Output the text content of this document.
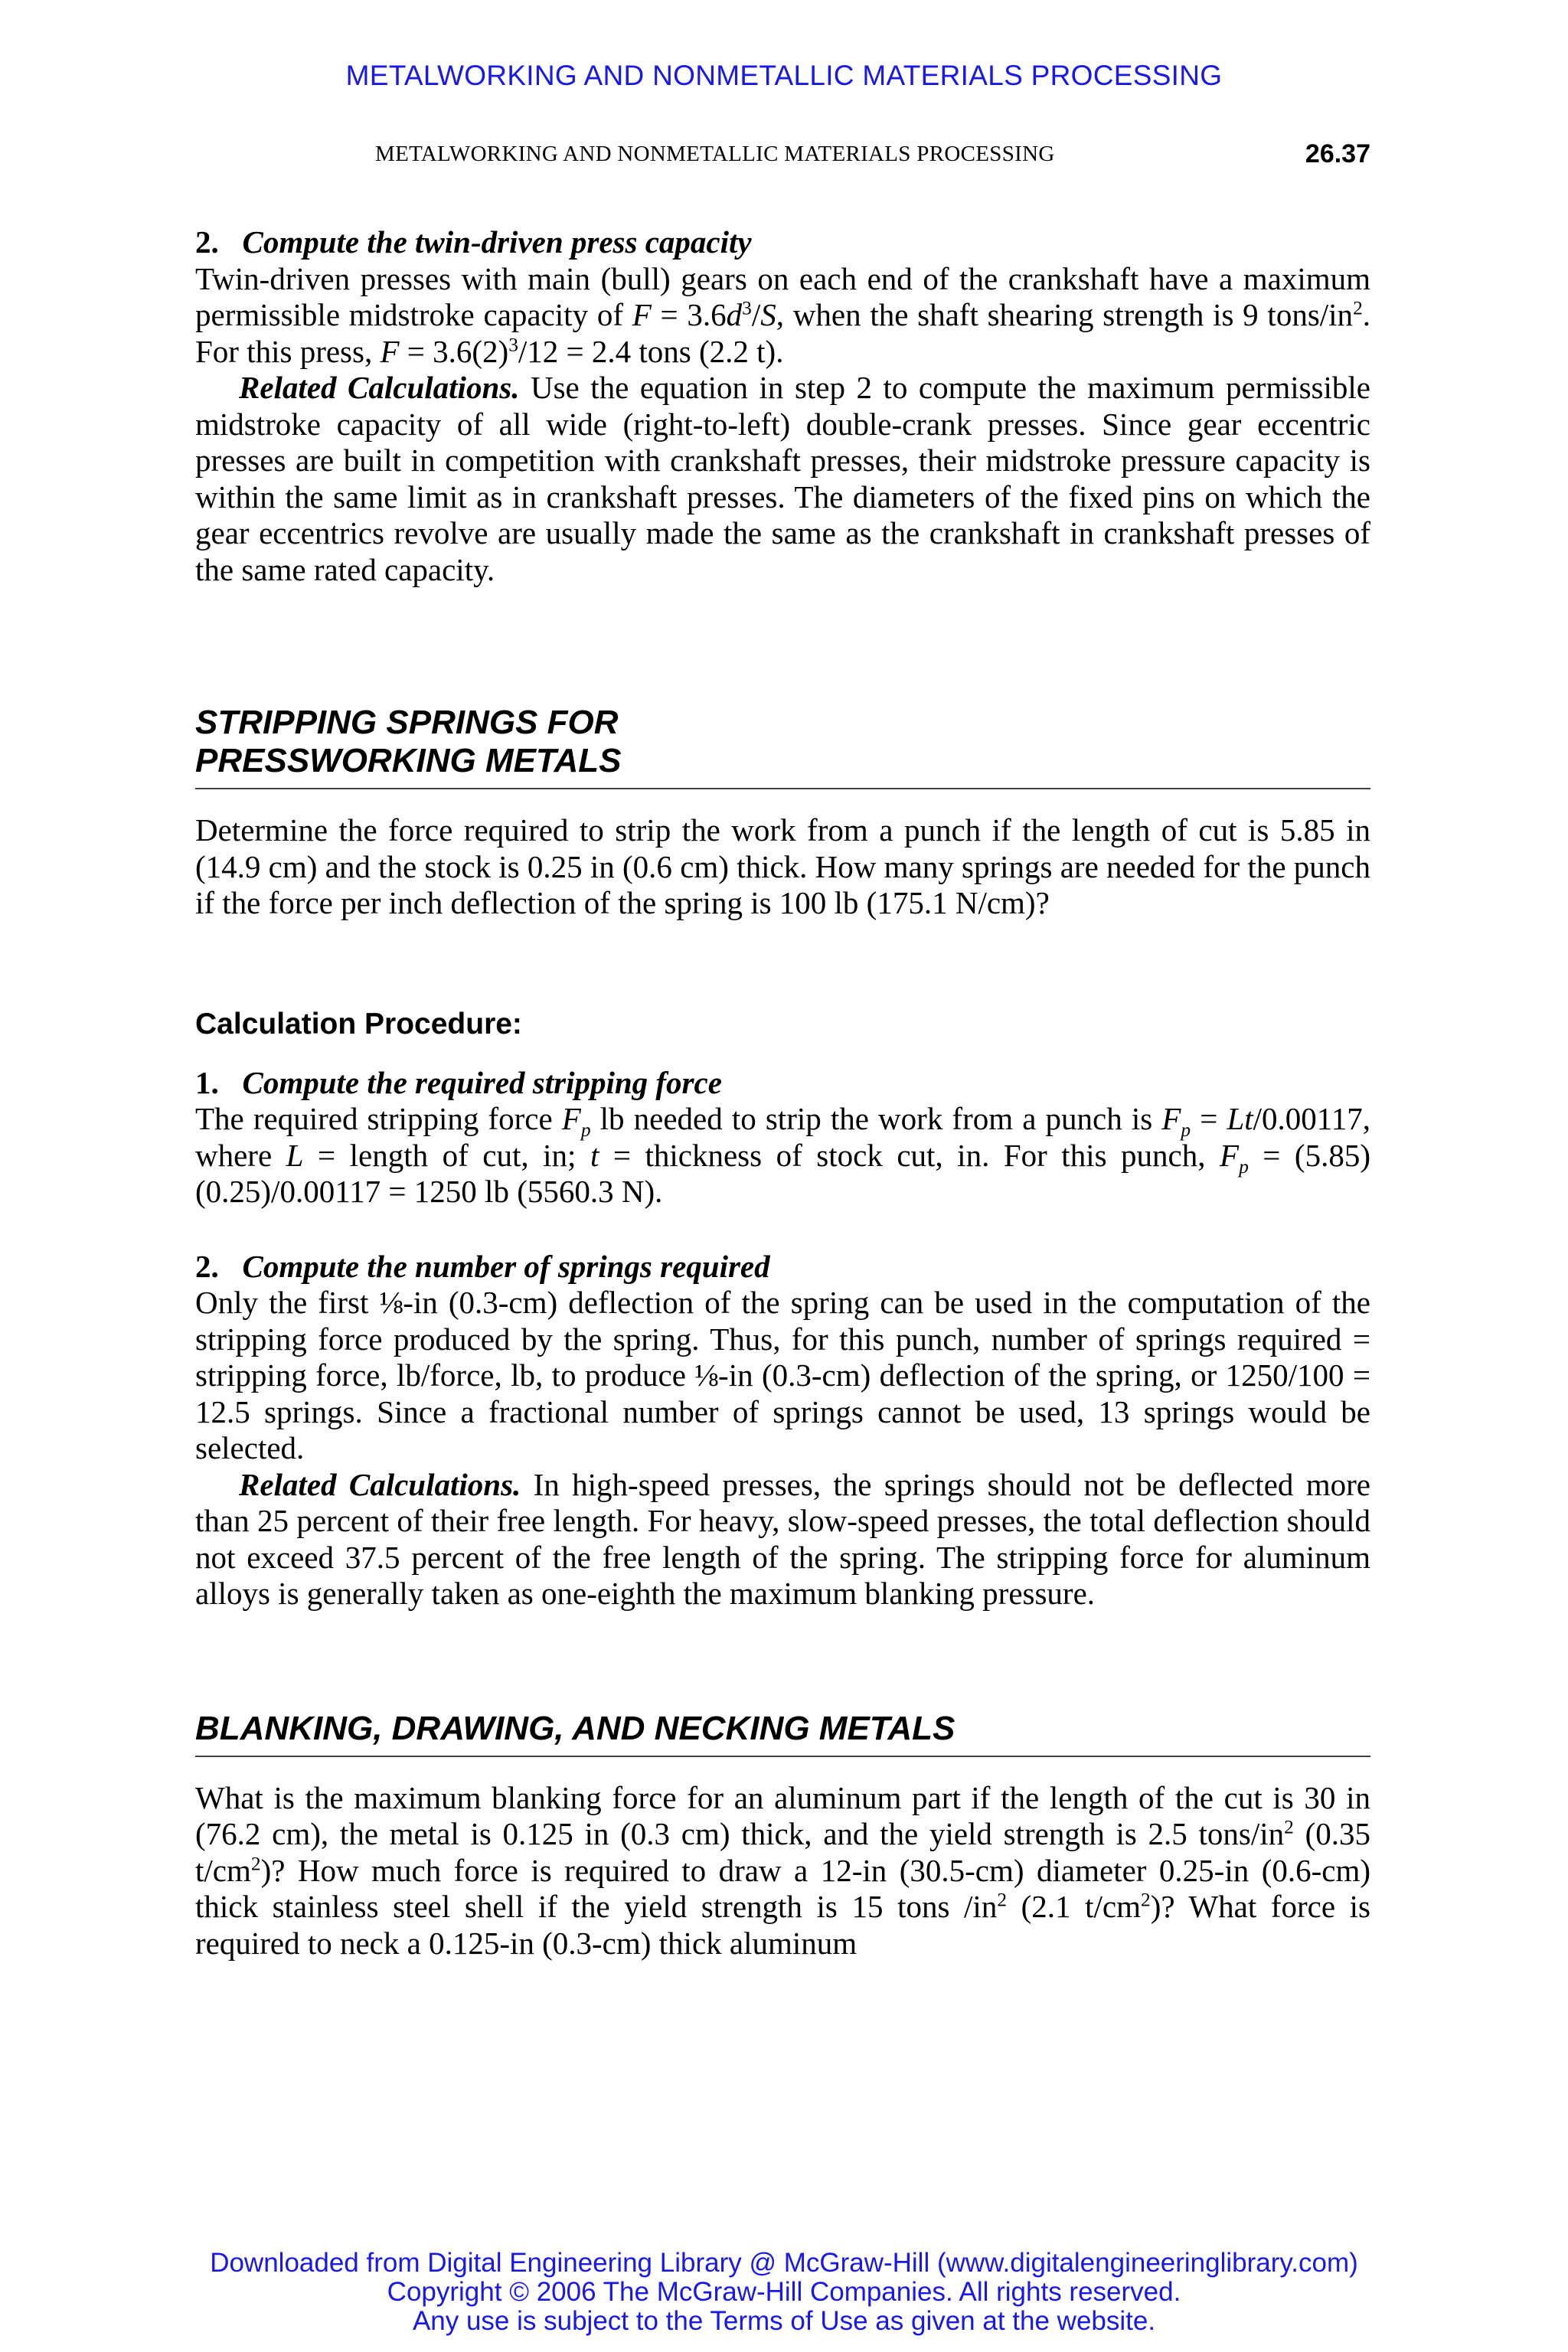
METALWORKING AND NONMETALLIC MATERIALS PROCESSING
METALWORKING AND NONMETALLIC MATERIALS PROCESSING	26.37
2. Compute the twin-driven press capacity

Twin-driven presses with main (bull) gears on each end of the crankshaft have a maximum permissible midstroke capacity of $F = 3.6d^3/S$, when the shaft shearing strength is 9 tons/$in^2$. For this press, $F = 3.6(2)^3/12 = 2.4$ tons (2.2 t).

Related Calculations. Use the equation in step 2 to compute the maximum permissible midstroke capacity of all wide (right-to-left) double-crank presses. Since gear eccentric presses are built in competition with crankshaft presses, their midstroke pressure capacity is within the same limit as in crankshaft presses. The diameters of the fixed pins on which the gear eccentrics revolve are usually made the same as the crankshaft in crankshaft presses of the same rated capacity.

STRIPPING SPRINGS FOR
PRESSWORKING METALS

Determine the force required to strip the work from a punch if the length of cut is 5.85 in (14.9 cm) and the stock is 0.25 in (0.6 cm) thick. How many springs are needed for the punch if the force per inch deflection of the spring is 100 lb (175.1 N/cm)?

Calculation Procedure:
1. Compute the required stripping force

The required stripping force $F_p$ lb needed to strip the work from a punch is $F_p = Lt/0.00117$, where L = length of cut, in; t = thickness of stock cut, in. For this punch, $F_p = (5.85)(0.25)/0.00117 = 1250$ lb (5560.3 N).

2. Compute the number of springs required

Only the first ⅛-in (0.3-cm) deflection of the spring can be used in the computation of the stripping force produced by the spring. Thus, for this punch, number of springs required = stripping force, lb/force, lb, to produce ⅛-in (0.3-cm) deflection of the spring, or 1250/100 = 12.5 springs. Since a fractional number of springs cannot be used, 13 springs would be selected.

Related Calculations. In high-speed presses, the springs should not be deflected more than 25 percent of their free length. For heavy, slow-speed presses, the total deflection should not exceed 37.5 percent of the free length of the spring. The stripping force for aluminum alloys is generally taken as one-eighth the maximum blanking pressure.

BLANKING, DRAWING, AND NECKING METALS

What is the maximum blanking force for an aluminum part if the length of the cut is 30 in (76.2 cm), the metal is 0.125 in (0.3 cm) thick, and the yield strength is 2.5 tons/$in^2$ (0.35 $t/cm^2$)? How much force is required to draw a 12-in (30.5-cm) diameter 0.25-in (0.6-cm) thick stainless steel shell if the yield strength is 15 tons $/in^2$ (2.1 $t/cm^2$)? What force is required to neck a 0.125-in (0.3-cm) thick aluminum

Downloaded from Digital Engineering Library @ McGraw-Hill (www.digitalengineeringlibrary.com)
Copyright © 2006 The McGraw-Hill Companies. All rights reserved.
Any use is subject to the Terms of Use as given at the website.
